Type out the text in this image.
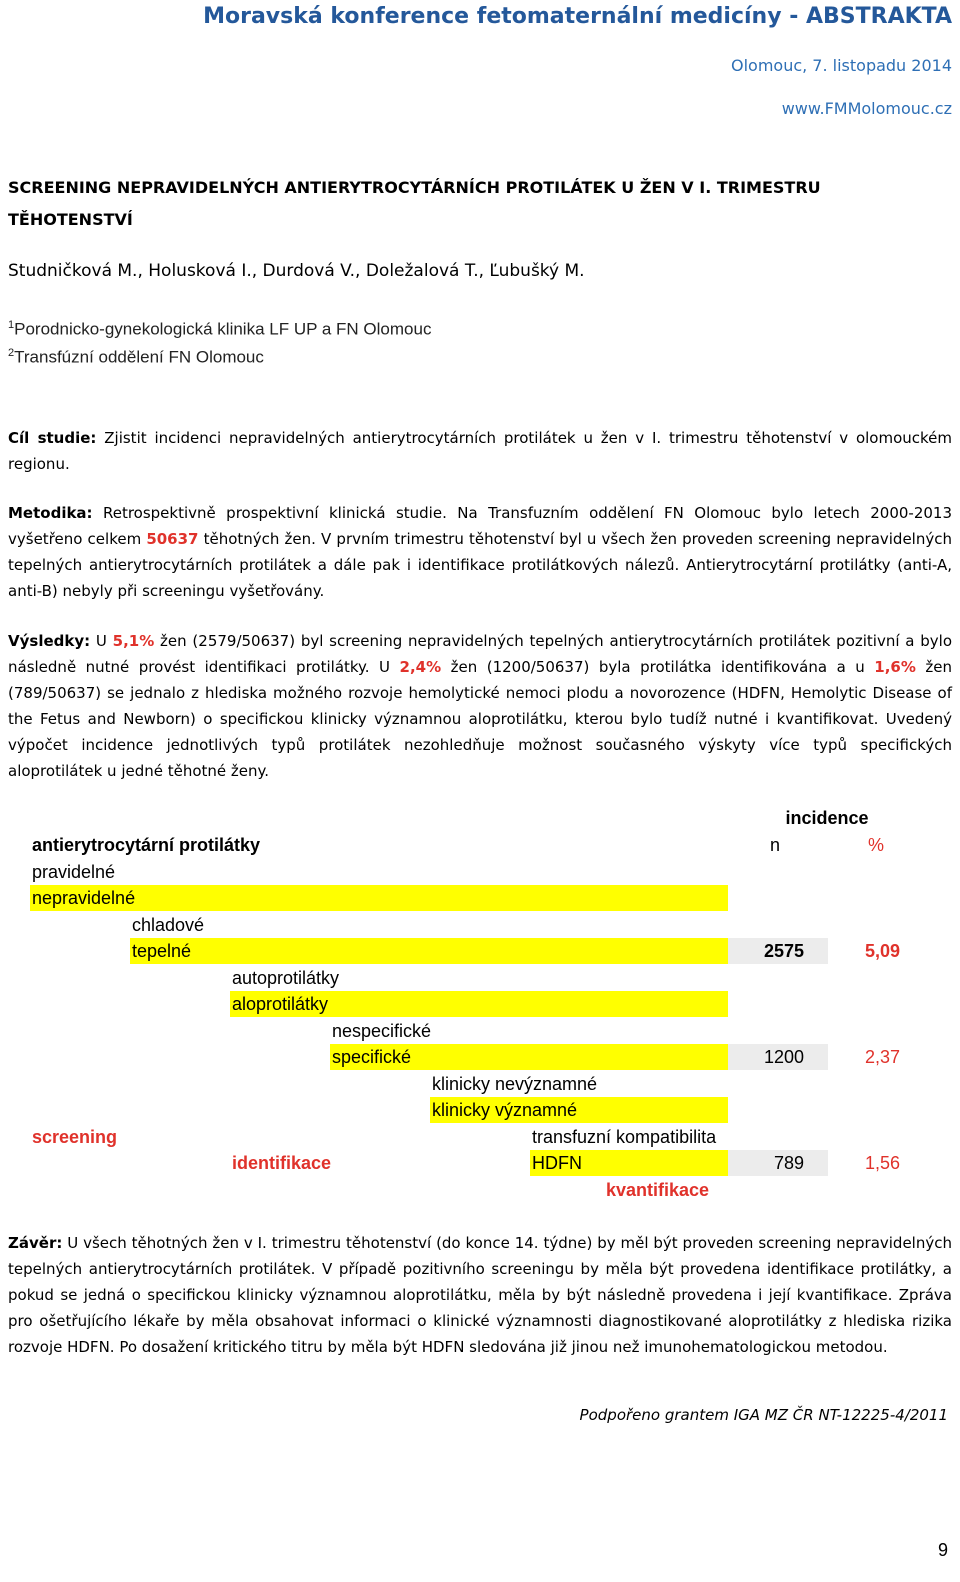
Moravská konference fetomaternální medicíny - ABSTRAKTA
Olomouc, 7. listopadu 2014
www.FMMolomouc.cz
SCREENING NEPRAVIDELNÝCH ANTIERYTROCYTÁRNÍCH PROTILÁTEK U ŽEN V I. TRIMESTRU
TĚHOTENSTVÍ
Studničková M., Holusková I., Durdová V., Doležalová T., Ľubušký M.
$^1$Porodnicko-gynekologická klinika LF UP a FN Olomouc
$^2$Transfúzní oddělení FN Olomouc
Cíl studie: Zjistit incidenci nepravidelných antierytrocytárních protilátek u žen v I. trimestru těhotenství v olomouckém regionu.
Metodika: Retrospektivně prospektivní klinická studie. Na Transfuzním oddělení FN Olomouc bylo letech 2000-2013 vyšetřeno celkem 50637 těhotných žen. V prvním trimestru těhotenství byl u všech žen proveden screening nepravidelných tepelných antierytrocytárních protilátek a dále pak i identifikace protilátkových nálezů. Antierytrocytární protilátky (anti-A, anti-B) nebyly při screeningu vyšetřovány.
Výsledky: U 5,1% žen (2579/50637) byl screening nepravidelných tepelných antierytrocytárních protilátek pozitivní a bylo následně nutné provést identifikaci protilátky. U 2,4% žen (1200/50637) byla protilátka identifikována a u 1,6% žen (789/50637) se jednalo z hlediska možného rozvoje hemolytické nemoci plodu a novorozence (HDFN, Hemolytic Disease of the Fetus and Newborn) o specifickou klinicky významnou aloprotilátku, kterou bylo tudíž nutné i kvantifikovat. Uvedený výpočet incidence jednotlivých typů protilátek nezohledňuje možnost současného výskyty více typů specifických aloprotilátek u jedné těhotné ženy.
incidence
antierytrocytární protilátky	n	%
pravidelné
nepravidelné
chladové
tepelné	2575	5,09
autoprotilátky
aloprotilátky
nespecifické
specifické	1200	2,37
klinicky nevýznamné
klinicky významné
screening	transfuzní kompatibilita
identifikace	HDFN	789	1,56
kvantifikace
Závěr: U všech těhotných žen v I. trimestru těhotenství (do konce 14. týdne) by měl být proveden screening nepravidelných tepelných antierytrocytárních protilátek. V případě pozitivního screeningu by měla být provedena identifikace protilátky, a pokud se jedná o specifickou klinicky významnou aloprotilátku, měla by být následně provedena i její kvantifikace. Zpráva pro ošetřujícího lékaře by měla obsahovat informaci o klinické významnosti diagnostikované aloprotilátky z hlediska rizika rozvoje HDFN. Po dosažení kritického titru by měla být HDFN sledována již jinou než imunohematologickou metodou.
Podpořeno grantem IGA MZ ČR NT-12225-4/2011
9
